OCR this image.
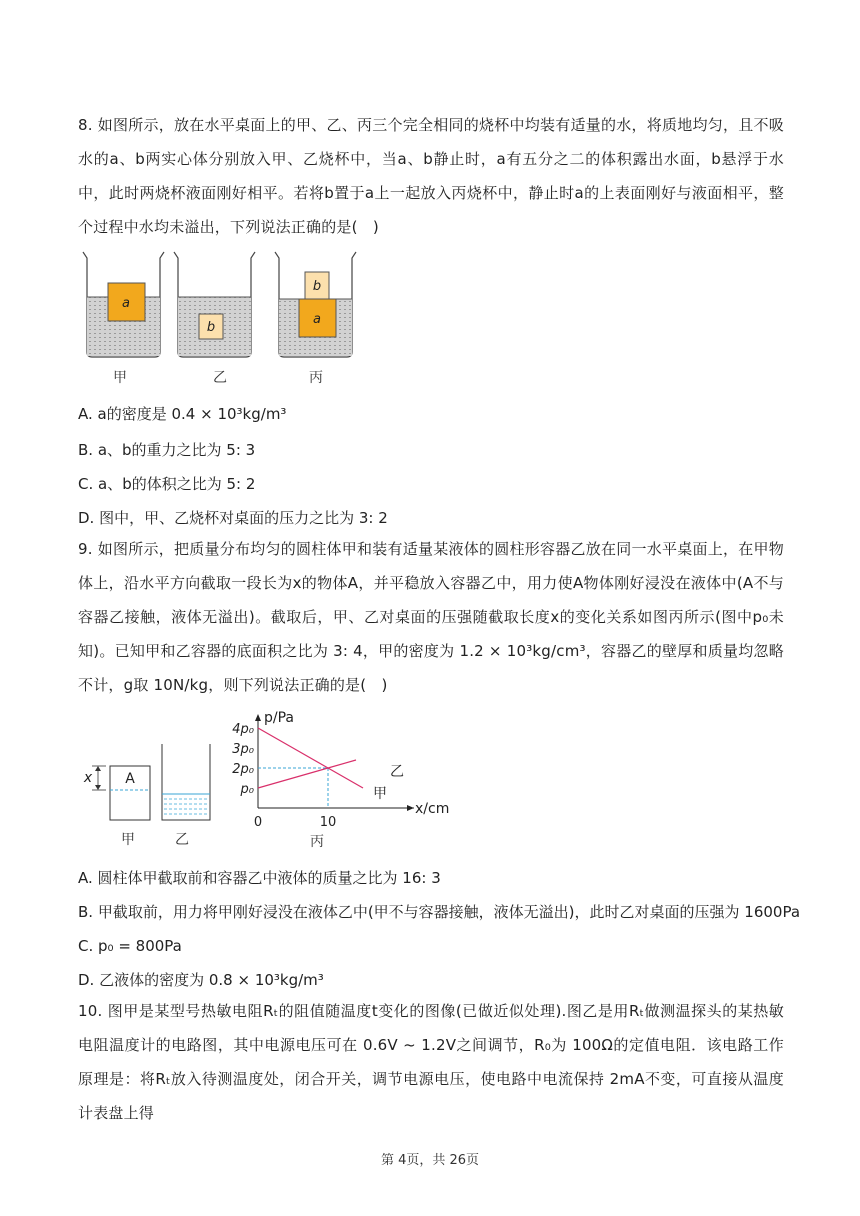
8. 如图所示，放在水平桌面上的甲、乙、丙三个完全相同的烧杯中均装有适量的水，将质地均匀，且不吸水的a、b两实心体分别放入甲、乙烧杯中，当a、b静止时，a有五分之二的体积露出水面，b悬浮于水中，此时两烧杯液面刚好相平。若将b置于a上一起放入丙烧杯中，静止时a的上表面刚好与液面相平，整个过程中水均未溢出，下列说法正确的是(　)
a
b
a
b
甲	乙	丙
A. a的密度是 0.4 × 10³kg/m³
B. a、b的重力之比为 5: 3
C. a、b的体积之比为 5: 2
D. 图中，甲、乙烧杯对桌面的压力之比为 3: 2
9. 如图所示，把质量分布均匀的圆柱体甲和装有适量某液体的圆柱形容器乙放在同一水平桌面上，在甲物体上，沿水平方向截取一段长为x的物体A，并平稳放入容器乙中，用力使A物体刚好浸没在液体中(A不与容器乙接触，液体无溢出)。截取后，甲、乙对桌面的压强随截取长度x的变化关系如图丙所示(图中p₀未知)。已知甲和乙容器的底面积之比为 3: 4，甲的密度为 1.2 × 10³kg/cm³，容器乙的壁厚和质量均忽略不计，g取 10N/kg，则下列说法正确的是(　)
A
x
甲	乙
p/Pa
x/cm
p₀
2p₀
3p₀
4p₀
0	10
甲
乙
丙
A. 圆柱体甲截取前和容器乙中液体的质量之比为 16: 3
B. 甲截取前，用力将甲刚好浸没在液体乙中(甲不与容器接触，液体无溢出)，此时乙对桌面的压强为 1600Pa
C. p₀ = 800Pa
D. 乙液体的密度为 0.8 × 10³kg/m³
10. 图甲是某型号热敏电阻Rₜ的阻值随温度t变化的图像(已做近似处理).图乙是用Rₜ做测温探头的某热敏电阻温度计的电路图，其中电源电压可在 0.6V ~ 1.2V之间调节，R₀为 100Ω的定值电阻．该电路工作原理是：将Rₜ放入待测温度处，闭合开关，调节电源电压，使电路中电流保持 2mA不变，可直接从温度计表盘上得
第 4页，共 26页
